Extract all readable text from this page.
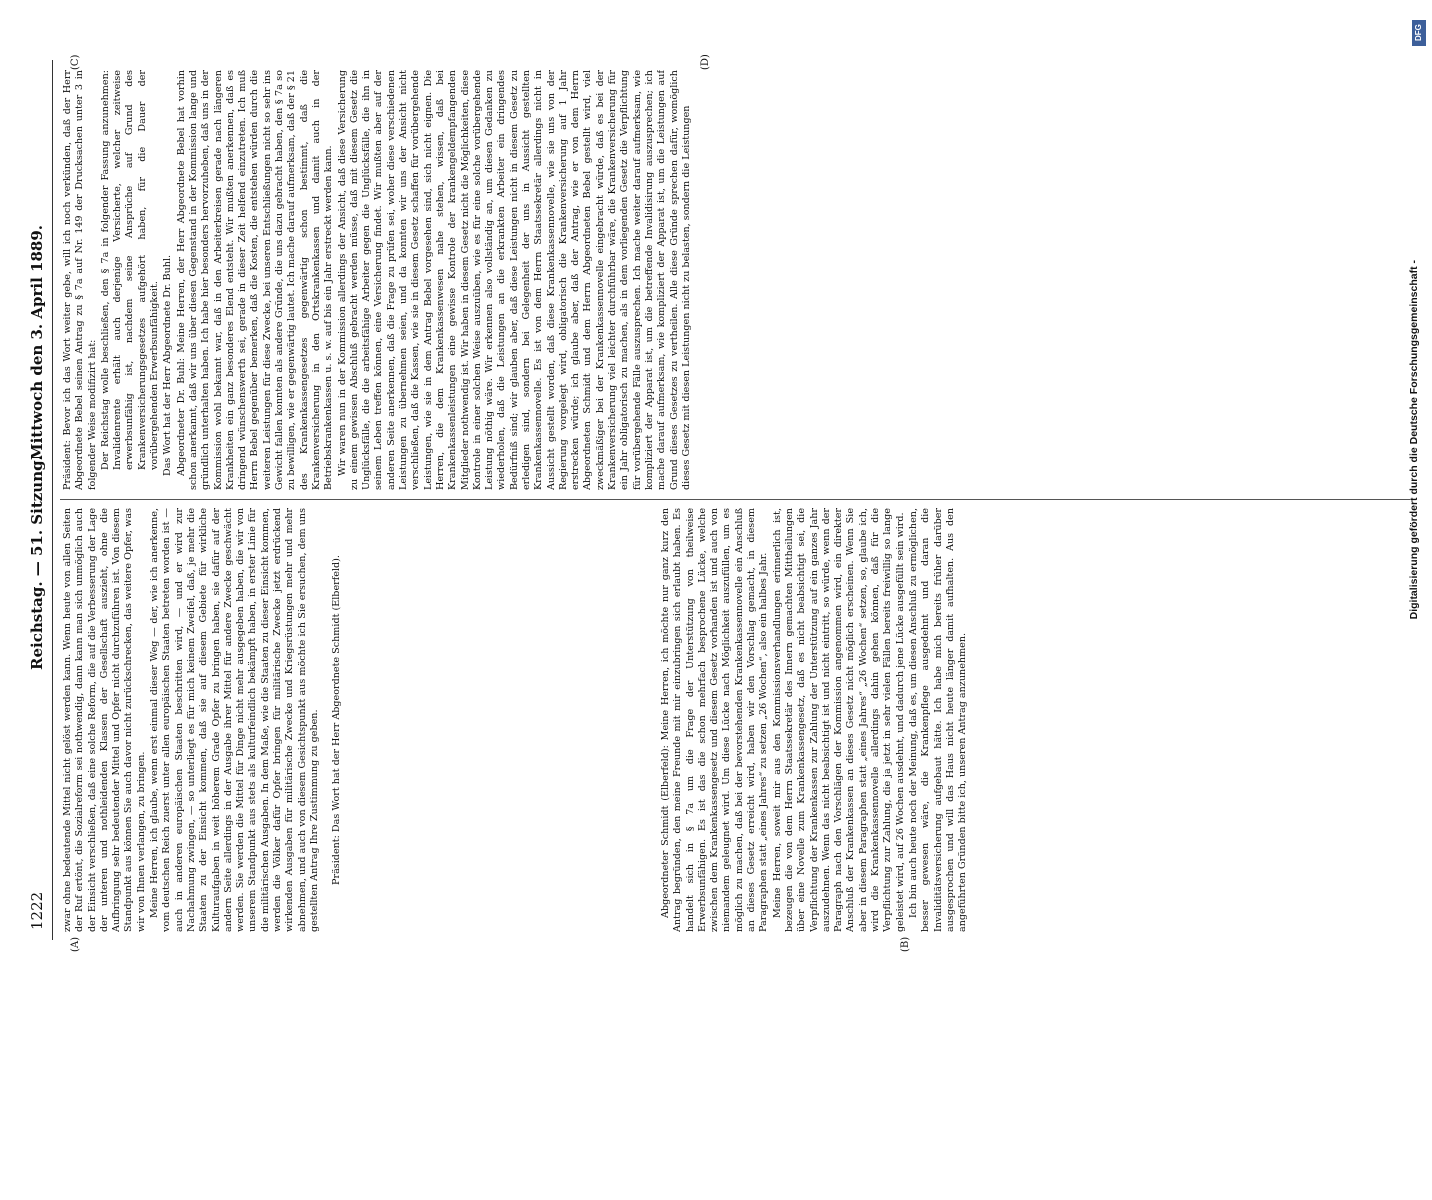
1222
Reichstag. — 51. Sitzung.
Mittwoch den 3. April 1889.
(A)	(B)
(C)	(D)

zwar ohne bedeutende Mittel nicht gelöst werden kann. Wenn heute von allen Seiten der Ruf ertönt, die Sozialreform sei nothwendig, dann kann man sich unmöglich auch der Einsicht verschließen, daß eine solche Reform, die auf die Verbesserung der Lage der unteren und nothleidenden Klassen der Gesellschaft auszieht, ohne die Aufbringung sehr bedeutender Mittel und Opfer nicht durchzuführen ist. Von diesem Standpunkt aus können Sie auch davor nicht zurückschrecken, das weitere Opfer, was wir von Ihnen verlangen, zu bringen. Meine Herren, ich glaube, wenn erst einmal dieser Weg — der, wie ich anerkenne, vom deutschen Reich zuerst unter allen europäischen Staaten betreten worden ist — auch in anderen europäischen Staaten beschritten wird, — und er wird zur Nachahmung zwingen, — so unterliegt es für mich keinem Zweifel, daß, je mehr die Staaten zu der Einsicht kommen, daß sie auf diesem Gebiete für wirkliche Kulturaufgaben in weit höherem Grade Opfer zu bringen haben, sie dafür auf der andern Seite allerdings in der Ausgabe ihrer Mittel für andere Zwecke geschwächt werden. Sie werden die Mittel für Dinge nicht mehr ausgegeben haben, die wir von unserem Standpunkt aus stets als kulturfeindlich bekämpft haben, in erster Linie für die militärischen Ausgaben. In dem Maße, wie die Staaten zu dieser Einsicht kommen, werden die Völker dafür Opfer bringen für militärische Zwecke jetzt erdrückend wirkenden Ausgaben für militärische Zwecke und Kriegsrüstungen mehr und mehr abnehmen, und auch von diesem Gesichtspunkt aus möchte ich Sie ersuchen, dem uns gestellten Antrag Ihre Zustimmung zu geben. Präsident: Das Wort hat der Herr Abgeordnete Schmidt (Elberfeld).	Abgeordneter Schmidt (Elberfeld): Meine Herren, ich möchte nur ganz kurz den Antrag begründen, den meine Freunde mit mir einzubringen sich erlaubt haben. Es handelt sich in § 7a um die Frage der Unterstützung von theilweise Erwerbsunfähigen. Es ist das die schon mehrfach besprochene Lücke, welche zwischen dem Krankenkassengesetz und diesem Gesetz vorhanden ist und auch von niemandem geleugnet wird. Um diese Lücke nach Möglichkeit auszufüllen, um es möglich zu machen, daß bei der bevorstehenden Krankenkassennovelle ein Anschluß an dieses Gesetz erreicht wird, haben wir den Vorschlag gemacht, in diesem Paragraphen statt „eines Jahres“ zu setzen „26 Wochen“, also ein halbes Jahr. Meine Herren, soweit mir aus den Kommissionsverhandlungen erinnerlich ist, bezeugen die von dem Herrn Staatssekretär des Innern gemachten Mittheilungen über eine Novelle zum Krankenkassengesetz, daß es nicht beabsichtigt sei, die Verpflichtung der Krankenkassen zur Zahlung der Unterstützung auf ein ganzes Jahr auszudehnen. Wenn das nicht beabsichtigt ist und nicht eintritt, so würde, wenn der Paragraph nach den Vorschlägen der Kommission angenommen wird, ein direkter Anschluß der Krankenkassen an dieses Gesetz nicht möglich erscheinen. Wenn Sie aber in diesem Paragraphen statt „eines Jahres“ „26 Wochen“ setzen, so, glaube ich, wird die Krankenkassennovelle allerdings dahin gehen können, daß für die Verpflichtung zur Zahlung, die ja jetzt in sehr vielen Fällen bereits freiwillig so lange geleistet wird, auf 26 Wochen ausdehnt, und dadurch jene Lücke ausgefüllt sein wird. Ich bin auch heute noch der Meinung, daß es, um diesen Anschluß zu ermöglichen, besser gewesen wäre, die Krankenpflege ausgedehnt und daran die Invaliditätsversicherung aufgebaut hätte. Ich habe mich bereits früher darüber ausgesprochen und will das Haus nicht heute länger damit aufhalten. Aus den angeführten Gründen bitte ich, unseren Antrag anzunehmen.

Präsident: Bevor ich das Wort weiter gebe, will ich noch verkünden, daß der Herr Abgeordnete Bebel seinen Antrag zu § 7a auf Nr. 149 der Drucksachen unter 3 in folgender Weise modifizirt hat: Der Reichstag wolle beschließen, den § 7a in folgender Fassung anzunehmen: Invalidenrente erhält auch derjenige Versicherte, welcher zeitweise erwerbsunfähig ist, nachdem seine Ansprüche auf Grund des Krankenversicherungsgesetzes aufgehört haben, für die Dauer der vorübergehenden Erwerbsunfähigkeit. Das Wort hat der Herr Abgeordnete Dr. Buhl. Abgeordneter Dr. Buhl: Meine Herren, der Herr Abgeordnete Bebel hat vorhin schon anerkannt, daß wir uns über diesen Gegenstand in der Kommission lange und gründlich unterhalten haben. Ich habe hier besonders hervorzuheben, daß uns in der Kommission wohl bekannt war, daß in den Arbeiterkreisen gerade nach längeren Krankheiten ein ganz besonderes Elend entsteht. Wir mußten anerkennen, daß es dringend wünschenswerth sei, gerade in dieser Zeit helfend einzutreten. Ich muß Herrn Bebel gegenüber bemerken, daß die Kosten, die entstehen würden durch die weiteren Leistungen für diese Zwecke, bei unseren Entschließungen nicht so sehr ins Gewicht fallen konnten als andere Gründe, die uns dazu gebracht haben, den § 7a so zu bewilligen, wie er gegenwärtig lautet. Ich mache darauf aufmerksam, daß der § 21 des Krankenkassengesetzes gegenwärtig schon bestimmt, daß die Krankenversicherung in den Ortskrankenkassen und damit auch in der Betriebskrankenkassen u. s. w. auf bis ein Jahr erstreckt werden kann. Wir waren nun in der Kommission allerdings der Ansicht, daß diese Versicherung zu einem gewissen Abschluß gebracht werden müsse, daß mit diesem Gesetz die Unglücksfälle, die die arbeitsfähige Arbeiter gegen die Unglücksfälle, die ihn in seinem Leben treffen können, eine Versicherung findet. Wir mußten aber auf der anderen Seite anerkennen, daß die Frage zu prüfen sei, woher diese verschiedenen Leistungen zu übernehmen seien, und da konnten wir uns der Ansicht nicht verschließen, daß die Kassen, wie sie in diesem Gesetz schaffen für vorübergehende Leistungen, wie sie in dem Antrag Bebel vorgesehen sind, sich nicht eignen. Die Herren, die dem Krankenkassenwesen nahe stehen, wissen, daß bei Krankenkassenleistungen eine gewisse Kontrole der krankengeldempfangenden Mitglieder nothwendig ist. Wir haben in diesem Gesetz nicht die Möglichkeiten, diese Kontrole in einer solchen Weise auszuüben, wie es für eine solche vorübergehende Leistung nöthig wäre. Wir erkennen also vollständig an, um diesen Gedanken zu wiederholen, daß die Leistungen an die erkrankten Arbeiter ein dringendes Bedürfniß sind; wir glauben aber, daß diese Leistungen nicht in diesem Gesetz zu erledigen sind, sondern bei Gelegenheit der uns in Aussicht gestellten Krankenkassennovelle. Es ist von dem Herrn Staatssekretär allerdings nicht in Aussicht gestellt worden, daß diese Krankenkassennovelle, wie sie uns von der Regierung vorgelegt wird, obligatorisch die Krankenversicherung auf 1 Jahr erstrecken würde; ich glaube aber, daß der Antrag, wie er von dem Herrn Abgeordneten Schmidt und dem Herrn Abgeordneten Bebel gestellt wird, viel zweckmäßiger bei der Krankenkassennovelle eingebracht würde, daß es bei der Krankenversicherung viel leichter durchführbar wäre, die Krankenversicherung für ein Jahr obligatorisch zu machen, als in dem vorliegenden Gesetz die Verpflichtung für vorübergehende Fälle auszusprechen. Ich mache weiter darauf aufmerksam, wie kompliziert der Apparat ist, um die betreffende Invalidisirung auszusprechen; ich mache darauf aufmerksam, wie kompliziert der Apparat ist, um die Leistungen auf Grund dieses Gesetzes zu vertheilen. Alle diese Gründe sprechen dafür, womöglich dieses Gesetz mit diesen Leistungen nicht zu belasten, sondern die Leistungen

DFG
Digitalisierung gefördert durch die Deutsche Forschungsgemeinschaft -
